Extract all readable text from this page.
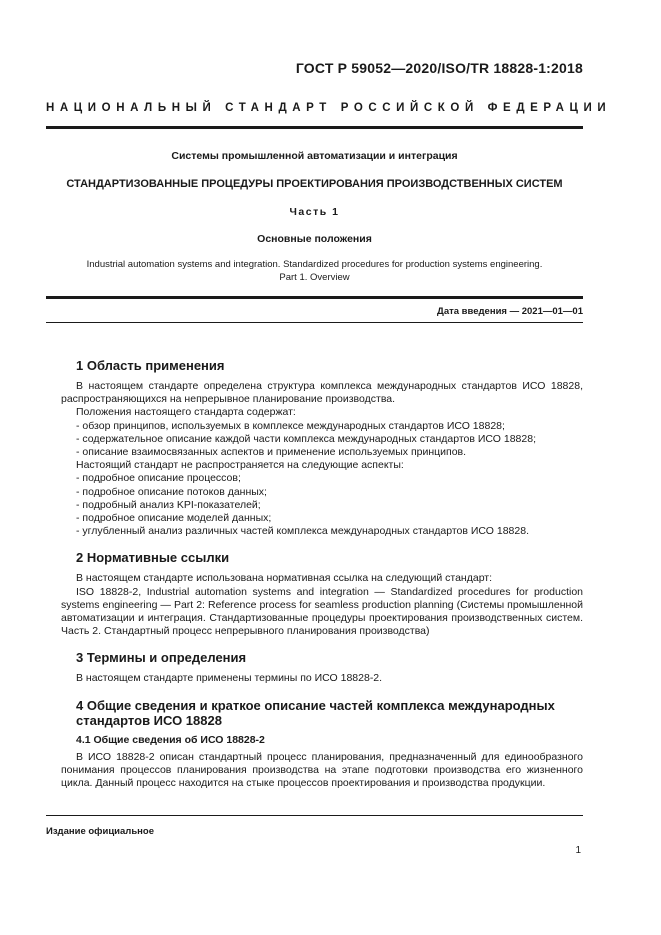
ГОСТ Р 59052—2020/ISO/TR 18828-1:2018
НАЦИОНАЛЬНЫЙ СТАНДАРТ РОССИЙСКОЙ ФЕДЕРАЦИИ
Системы промышленной автоматизации и интеграция
СТАНДАРТИЗОВАННЫЕ ПРОЦЕДУРЫ ПРОЕКТИРОВАНИЯ ПРОИЗВОДСТВЕННЫХ СИСТЕМ
Часть 1
Основные положения
Industrial automation systems and integration. Standardized procedures for production systems engineering.
Part 1. Overview
Дата введения — 2021—01—01
1 Область применения

В настоящем стандарте определена структура комплекса международных стандартов ИСО 18828, распространяющихся на непрерывное планирование производства.

Положения настоящего стандарта содержат:

- обзор принципов, используемых в комплексе международных стандартов ИСО 18828;

- содержательное описание каждой части комплекса международных стандартов ИСО 18828;

- описание взаимосвязанных аспектов и применение используемых принципов.

Настоящий стандарт не распространяется на следующие аспекты:

- подробное описание процессов;

- подробное описание потоков данных;

- подробный анализ KPI-показателей;

- подробное описание моделей данных;

- углубленный анализ различных частей комплекса международных стандартов ИСО 18828.

2 Нормативные ссылки

В настоящем стандарте использована нормативная ссылка на следующий стандарт:

ISO 18828-2, Industrial automation systems and integration — Standardized procedures for production systems engineering — Part 2: Reference process for seamless production planning (Системы промышленной автоматизации и интеграция. Стандартизованные процедуры проектирования производственных систем. Часть 2. Стандартный процесс непрерывного планирования производства)

3 Термины и определения

В настоящем стандарте применены термины по ИСО 18828-2.

4 Общие сведения и краткое описание частей комплекса международных стандартов ИСО 18828
4.1 Общие сведения об ИСО 18828-2

В ИСО 18828-2 описан стандартный процесс планирования, предназначенный для единообразного понимания процессов планирования производства на этапе подготовки производства его жизненного цикла. Данный процесс находится на стыке процессов проектирования и производства продукции.

Издание официальное
1
